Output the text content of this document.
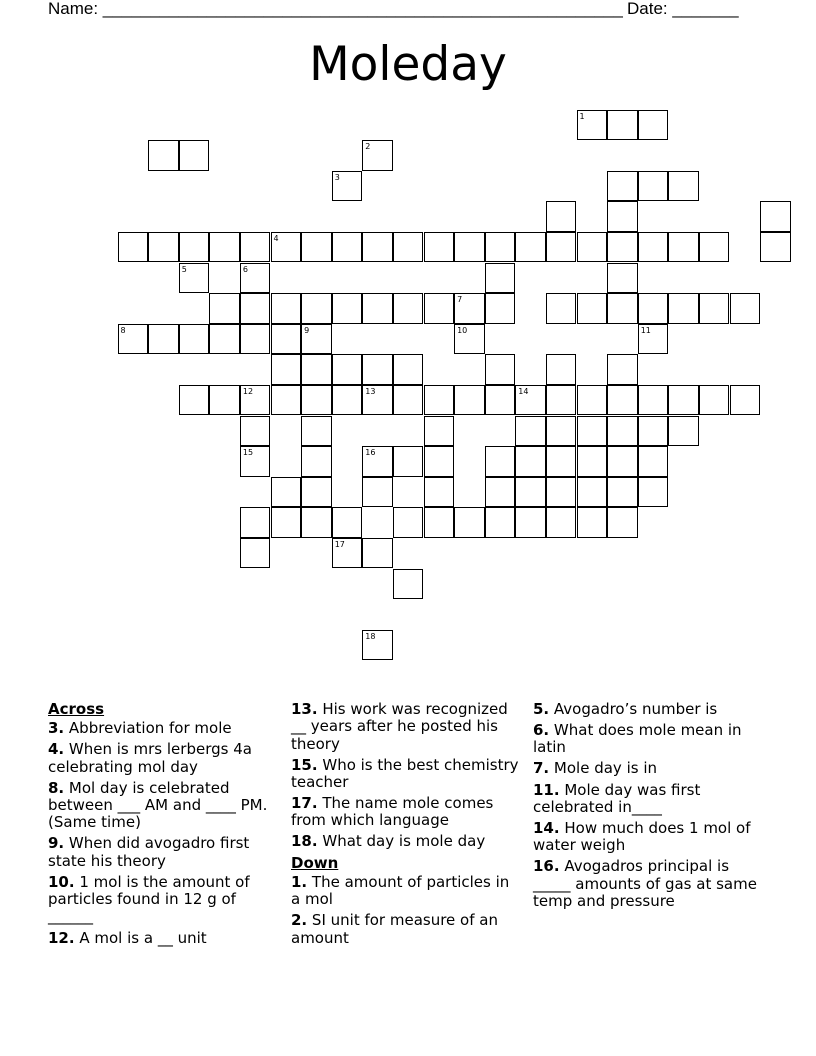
Name: _______________________________________________________ Date: _______
Moleday
1
4
7
9
12	13	14
15	16
2
3
5	6
8	10	11
17
18
Across
3. Abbreviation for mole
4. When is mrs lerbergs 4a celebrating mol day
8. Mol day is celebrated between ___ AM and ____ PM. (Same time)
9. When did avogadro first state his theory
10. 1 mol is the amount of particles found in 12 g of ______
12. A mol is a __ unit
13. His work was recognized __ years after he posted his theory
15. Who is the best chemistry teacher
17. The name mole comes from which language
18. What day is mole day
Down
1. The amount of particles in a mol
2. SI unit for measure of an amount
5. Avogadro’s number is
6. What does mole mean in latin
7. Mole day is in
11. Mole day was first celebrated in____
14. How much does 1 mol of water weigh
16. Avogadros principal is _____ amounts of gas at same temp and pressure
